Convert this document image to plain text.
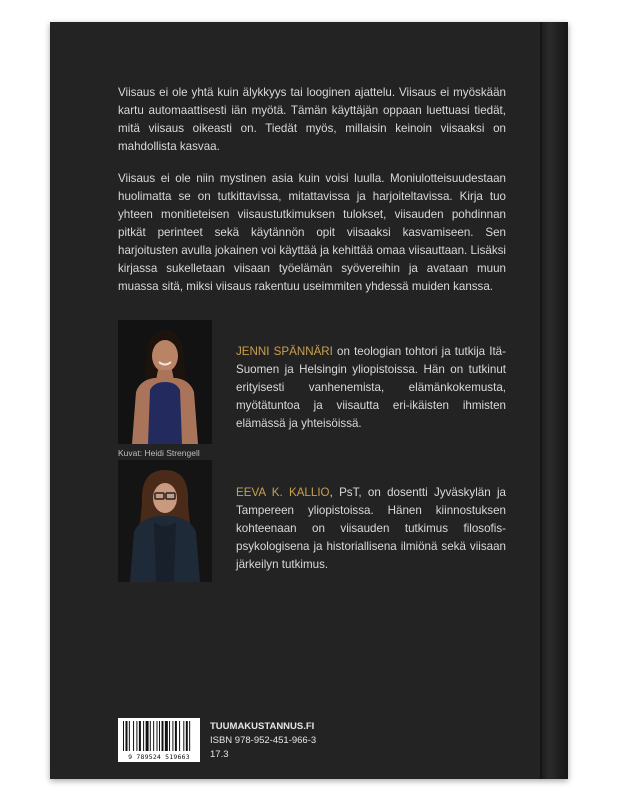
Viisaus ei ole yhtä kuin älykkyys tai looginen ajattelu. Viisaus ei myöskään kartu automaattisesti iän myötä. Tämän käyttäjän oppaan luettuasi tiedät, mitä viisaus oikeasti on. Tiedät myös, millaisin keinoin viisaaksi on mahdollista kasvaa.

Viisaus ei ole niin mystinen asia kuin voisi luulla. Moniulotteisuudestaan huolimatta se on tutkittavissa, mitattavissa ja harjoiteltavissa. Kirja tuo yhteen monitieteisen viisaustutkimuksen tulokset, viisauden pohdinnan pitkät perinteet sekä käytännön opit viisaaksi kasvamiseen. Sen harjoitusten avulla jokainen voi käyttää ja kehittää omaa viisauttaan. Lisäksi kirjassa sukelletaan viisaan työelämän syövereihin ja avataan muun muassa sitä, miksi viisaus rakentuu useimmiten yhdessä muiden kanssa.

Kuvat: Heidi Strengell

JENNI SPÄNNÄRI on teologian tohtori ja tutkija Itä-Suomen ja Helsingin yliopistoissa. Hän on tutkinut erityisesti vanhenemista, elämänkokemusta, myötätuntoa ja viisautta eri-ikäisten ihmisten elämässä ja yhteisöissä.

EEVA K. KALLIO, PsT, on dosentti Jyväskylän ja Tampereen yliopistoissa. Hänen kiinnostuksen kohteenaan on viisauden tutkimus filosofis-psykologisena ja historiallisena ilmiönä sekä viisaan järkeilyn tutkimus.

9 789524 519663
TUUMAKUSTANNUS.FI
ISBN 978-952-451-966-3
17.3
